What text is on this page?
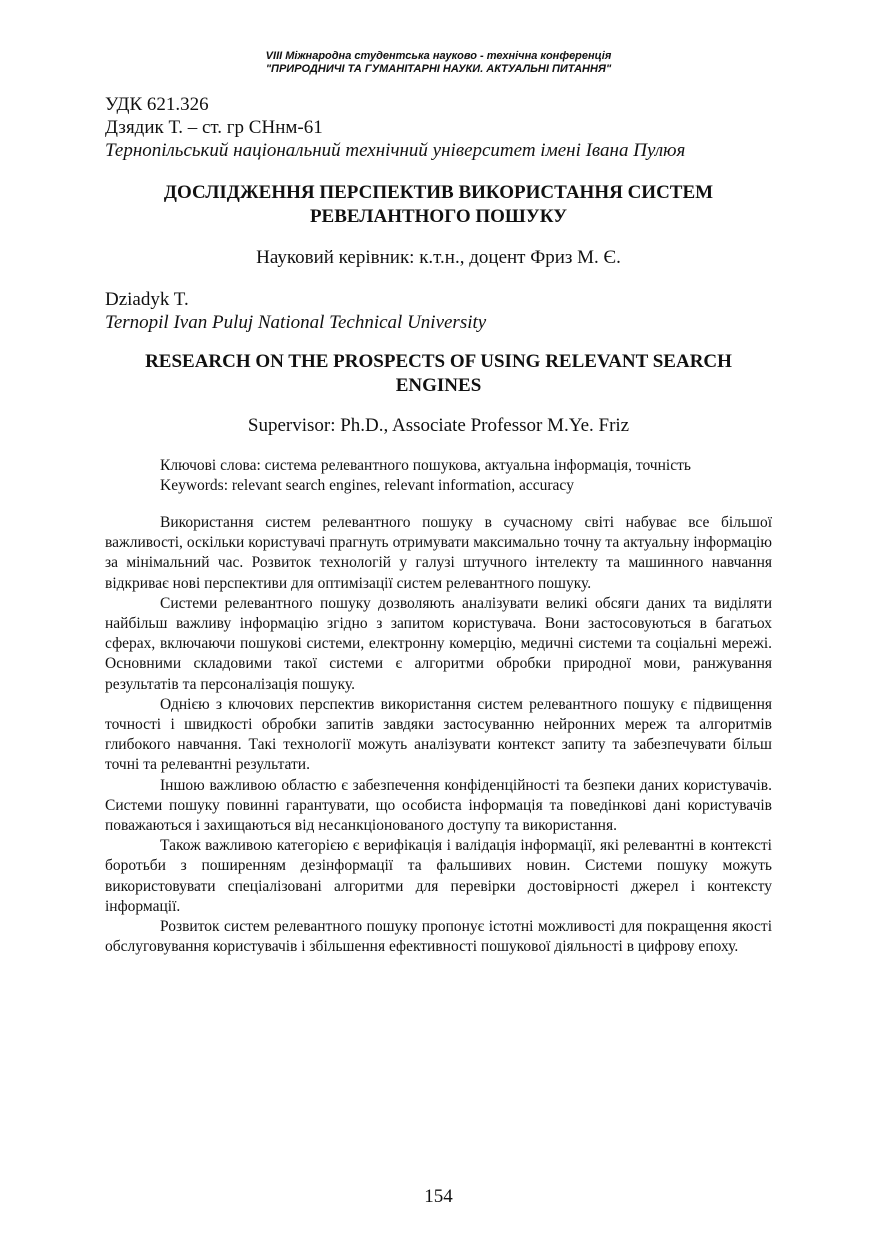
VIII Міжнародна студентська науково - технічна конференція
"ПРИРОДНИЧІ ТА ГУМАНІТАРНІ НАУКИ. АКТУАЛЬНІ ПИТАННЯ"
УДК 621.326
Дзядик Т. – ст. гр СНнм-61
Тернопільський національний технічний університет імені Івана Пулюя
ДОСЛІДЖЕННЯ ПЕРСПЕКТИВ ВИКОРИСТАННЯ СИСТЕМ
РЕВЕЛАНТНОГО ПОШУКУ
Науковий керівник: к.т.н., доцент Фриз М. Є.
Dziadyk T.
Ternopil Ivan Puluj National Technical University
RESEARCH ON THE PROSPECTS OF USING RELEVANT SEARCH
ENGINES
Supervisor: Ph.D., Associate Professor M.Ye. Friz
Ключові слова: система релевантного пошукова, актуальна інформація, точність
Keywords: relevant search engines, relevant information, accuracy

Використання систем релевантного пошуку в сучасному світі набуває все більшої важливості, оскільки користувачі прагнуть отримувати максимально точну та актуальну інформацію за мінімальний час. Розвиток технологій у галузі штучного інтелекту та машинного навчання відкриває нові перспективи для оптимізації систем релевантного пошуку.

Системи релевантного пошуку дозволяють аналізувати великі обсяги даних та виділяти найбільш важливу інформацію згідно з запитом користувача. Вони застосовуються в багатьох сферах, включаючи пошукові системи, електронну комерцію, медичні системи та соціальні мережі. Основними складовими такої системи є алгоритми обробки природної мови, ранжування результатів та персоналізація пошуку.

Однією з ключових перспектив використання систем релевантного пошуку є підвищення точності і швидкості обробки запитів завдяки застосуванню нейронних мереж та алгоритмів глибокого навчання. Такі технології можуть аналізувати контекст запиту та забезпечувати більш точні та релевантні результати.

Іншою важливою областю є забезпечення конфіденційності та безпеки даних користувачів. Системи пошуку повинні гарантувати, що особиста інформація та поведінкові дані користувачів поважаються і захищаються від несанкціонованого доступу та використання.

Також важливою категорією є верифікація і валідація інформації, які релевантні в контексті боротьби з поширенням дезінформації та фальшивих новин. Системи пошуку можуть використовувати спеціалізовані алгоритми для перевірки достовірності джерел і контексту інформації.

Розвиток систем релевантного пошуку пропонує істотні можливості для покращення якості обслуговування користувачів і збільшення ефективності пошукової діяльності в цифрову епоху.

154
